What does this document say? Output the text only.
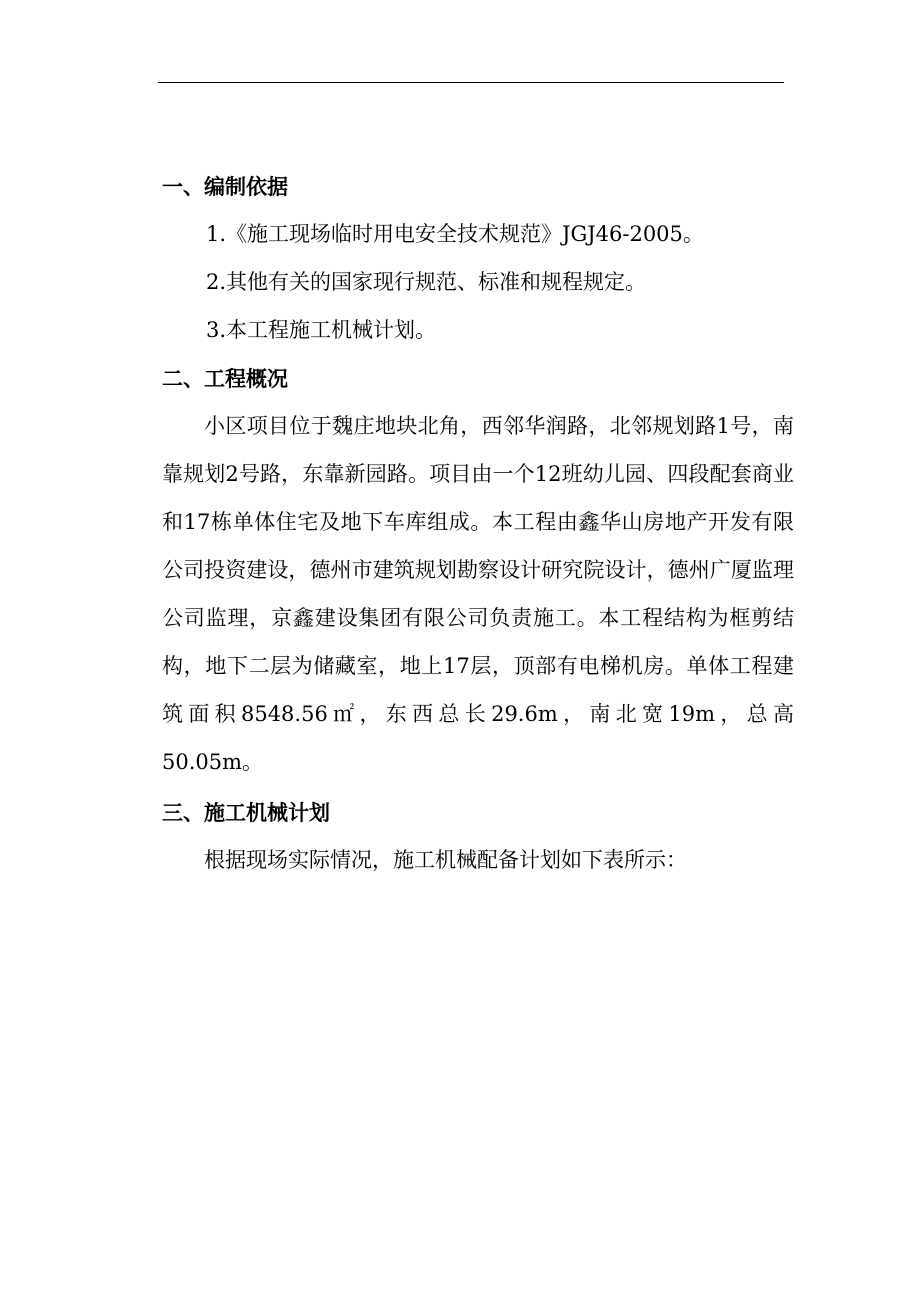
一、编制依据

1.《施工现场临时用电安全技术规范》JGJ46-2005。

2.其他有关的国家现行规范、标准和规程规定。

3.本工程施工机械计划。

二、工程概况

小区项目位于魏庄地块北角，西邻华润路，北邻规划路1号，南靠规划2号路，东靠新园路。项目由一个12班幼儿园、四段配套商业和17栋单体住宅及地下车库组成。本工程由鑫华山房地产开发有限公司投资建设，德州市建筑规划勘察设计研究院设计，德州广厦监理公司监理，京鑫建设集团有限公司负责施工。本工程结构为框剪结构，地下二层为储藏室，地上17层，顶部有电梯机房。单体工程建筑面积8548.56㎡，东西总长29.6m，南北宽19m，总高50.05m。

三、施工机械计划

根据现场实际情况，施工机械配备计划如下表所示：
